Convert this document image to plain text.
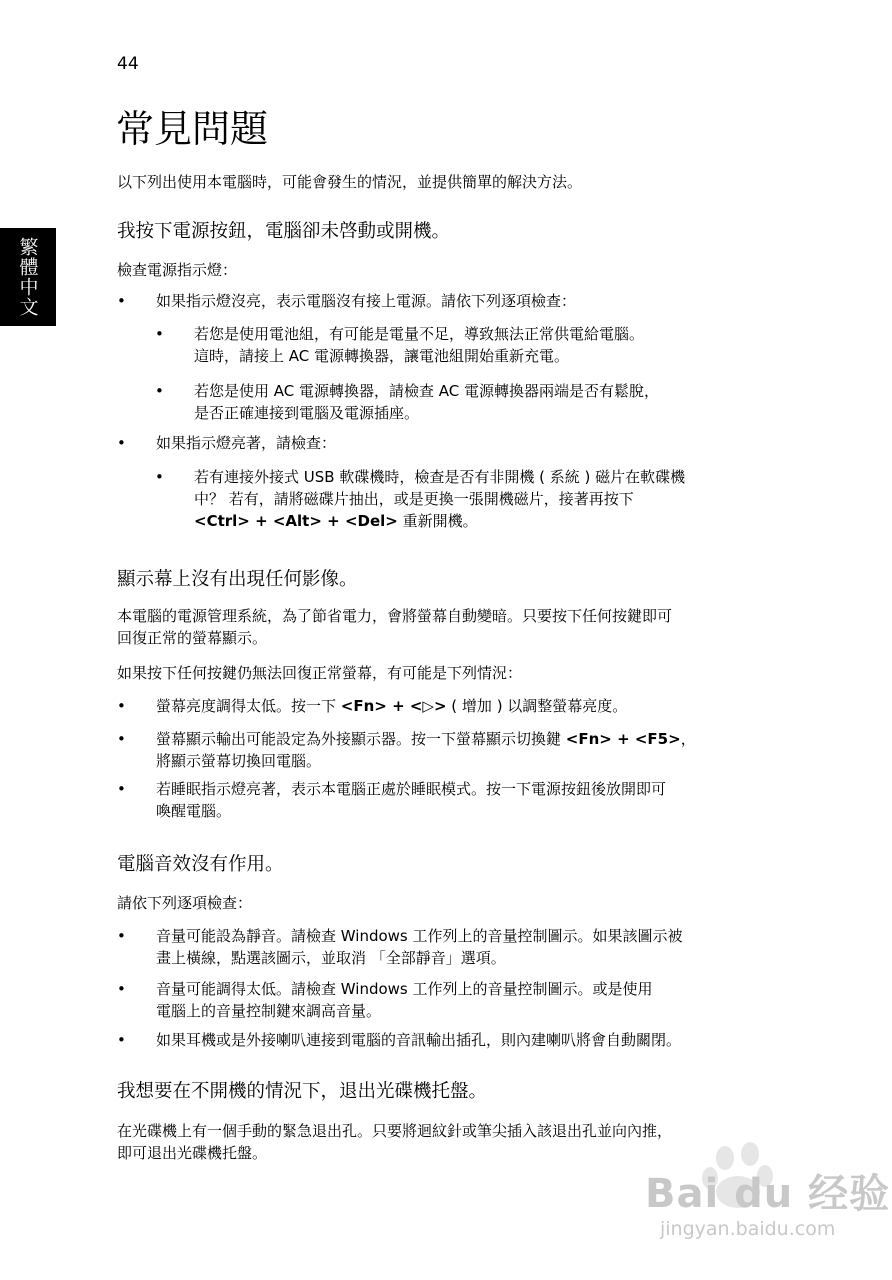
44
常見問題
以下列出使用本電腦時，可能會發生的情況，並提供簡單的解決方法。
繁體中文
我按下電源按鈕，電腦卻未啓動或開機。
檢查電源指示燈：
• 如果指示燈沒亮，表示電腦沒有接上電源。請依下列逐項檢查：
• 若您是使用電池組，有可能是電量不足，導致無法正常供電給電腦。
這時，請接上 AC 電源轉換器，讓電池組開始重新充電。
• 若您是使用 AC 電源轉換器，請檢查 AC 電源轉換器兩端是否有鬆脫，
是否正確連接到電腦及電源插座。
• 如果指示燈亮著，請檢查：
• 若有連接外接式 USB 軟碟機時，檢查是否有非開機 ( 系統 ) 磁片在軟碟機
中？ 若有，請將磁碟片抽出，或是更換一張開機磁片，接著再按下
<Ctrl> + <Alt> + <Del> 重新開機。
顯示幕上沒有出現任何影像。
本電腦的電源管理系統，為了節省電力，會將螢幕自動變暗。只要按下任何按鍵即可
回復正常的螢幕顯示。
如果按下任何按鍵仍無法回復正常螢幕，有可能是下列情況：
• 螢幕亮度調得太低。按一下 <Fn> + <▷> ( 增加 ) 以調整螢幕亮度。
• 螢幕顯示輸出可能設定為外接顯示器。按一下螢幕顯示切換鍵 <Fn> + <F5>，
將顯示螢幕切換回電腦。
• 若睡眠指示燈亮著，表示本電腦正處於睡眠模式。按一下電源按鈕後放開即可
喚醒電腦。
電腦音效沒有作用。
請依下列逐項檢查：
• 音量可能設為靜音。請檢查 Windows 工作列上的音量控制圖示。如果該圖示被
畫上橫線，點選該圖示，並取消 「全部靜音」選項。
• 音量可能調得太低。請檢查 Windows 工作列上的音量控制圖示。或是使用
電腦上的音量控制鍵來調高音量。
• 如果耳機或是外接喇叭連接到電腦的音訊輸出插孔，則內建喇叭將會自動關閉。
我想要在不開機的情況下，退出光碟機托盤。
在光碟機上有一個手動的緊急退出孔。只要將迴紋針或筆尖插入該退出孔並向內推，
即可退出光碟機托盤。
Bai du 经验
jingyan.baidu.com
